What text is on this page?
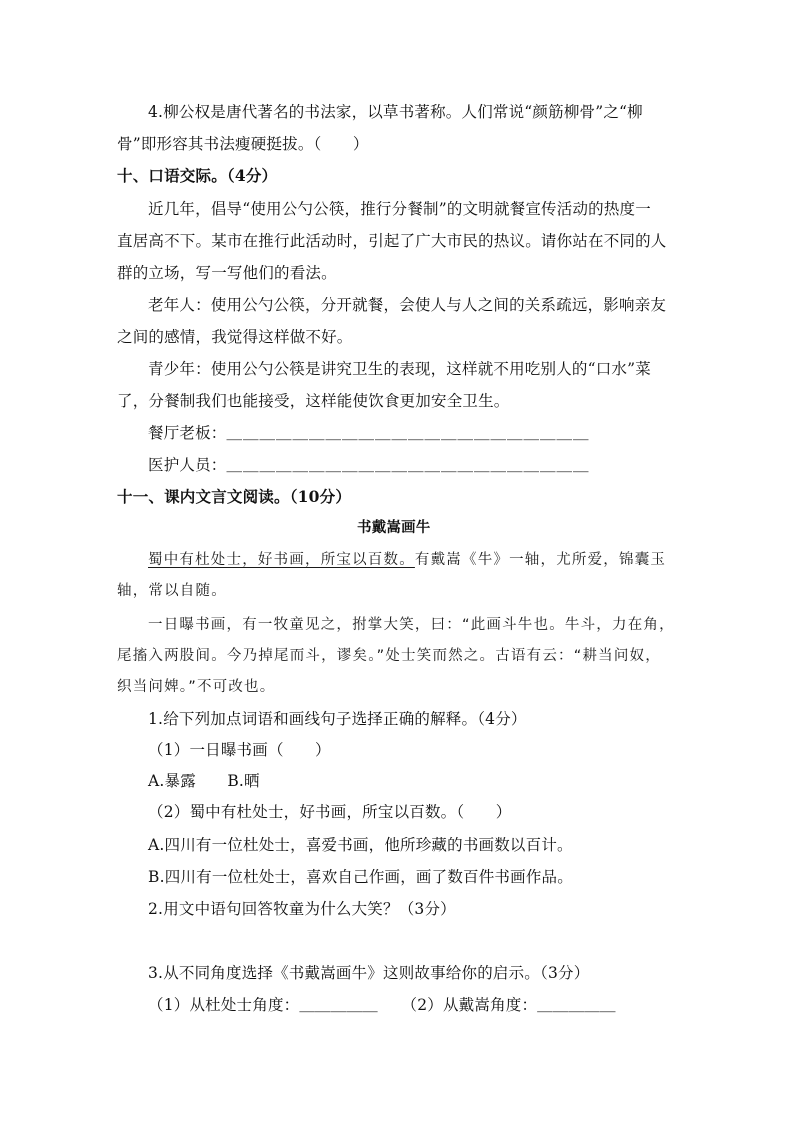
4.柳公权是唐代著名的书法家，以草书著称。人们常说“颜筋柳骨”之“柳
骨”即形容其书法瘦硬挺拔。（　　）
十、口语交际。（4分）
近几年，倡导“使用公勺公筷，推行分餐制”的文明就餐宣传活动的热度一
直居高不下。某市在推行此活动时，引起了广大市民的热议。请你站在不同的人
群的立场，写一写他们的看法。
老年人：使用公勺公筷，分开就餐，会使人与人之间的关系疏远，影响亲友
之间的感情，我觉得这样做不好。
青少年：使用公勺公筷是讲究卫生的表现，这样就不用吃别人的“口水”菜
了，分餐制我们也能接受，这样能使饮食更加安全卫生。
餐厅老板：＿＿＿＿＿＿＿＿＿＿＿＿＿＿＿＿＿＿＿＿＿＿
医护人员：＿＿＿＿＿＿＿＿＿＿＿＿＿＿＿＿＿＿＿＿＿＿
十一、课内文言文阅读。（10分）
书戴嵩画牛
蜀中有杜处士，好书画，所宝以百数。有戴嵩《牛》一轴，尤所爱，锦囊玉
轴，常以自随。
一日曝书画，有一牧童见之，拊掌大笑，曰：“此画斗牛也。牛斗，力在角，
尾搐入两股间。今乃掉尾而斗，谬矣。”处士笑而然之。古语有云：“耕当问奴，
织当问婢。”不可改也。
1.给下列加点词语和画线句子选择正确的解释。（4分）
（1）一日曝书画（　　）
A.暴露　　B.晒
（2）蜀中有杜处士，好书画，所宝以百数。（　　）
A.四川有一位杜处士，喜爱书画，他所珍藏的书画数以百计。
B.四川有一位杜处士，喜欢自己作画，画了数百件书画作品。
2.用文中语句回答牧童为什么大笑？（3分）
3.从不同角度选择《书戴嵩画牛》这则故事给你的启示。（3分）
（1）从杜处士角度：＿＿＿＿＿　　（2）从戴嵩角度：＿＿＿＿＿
